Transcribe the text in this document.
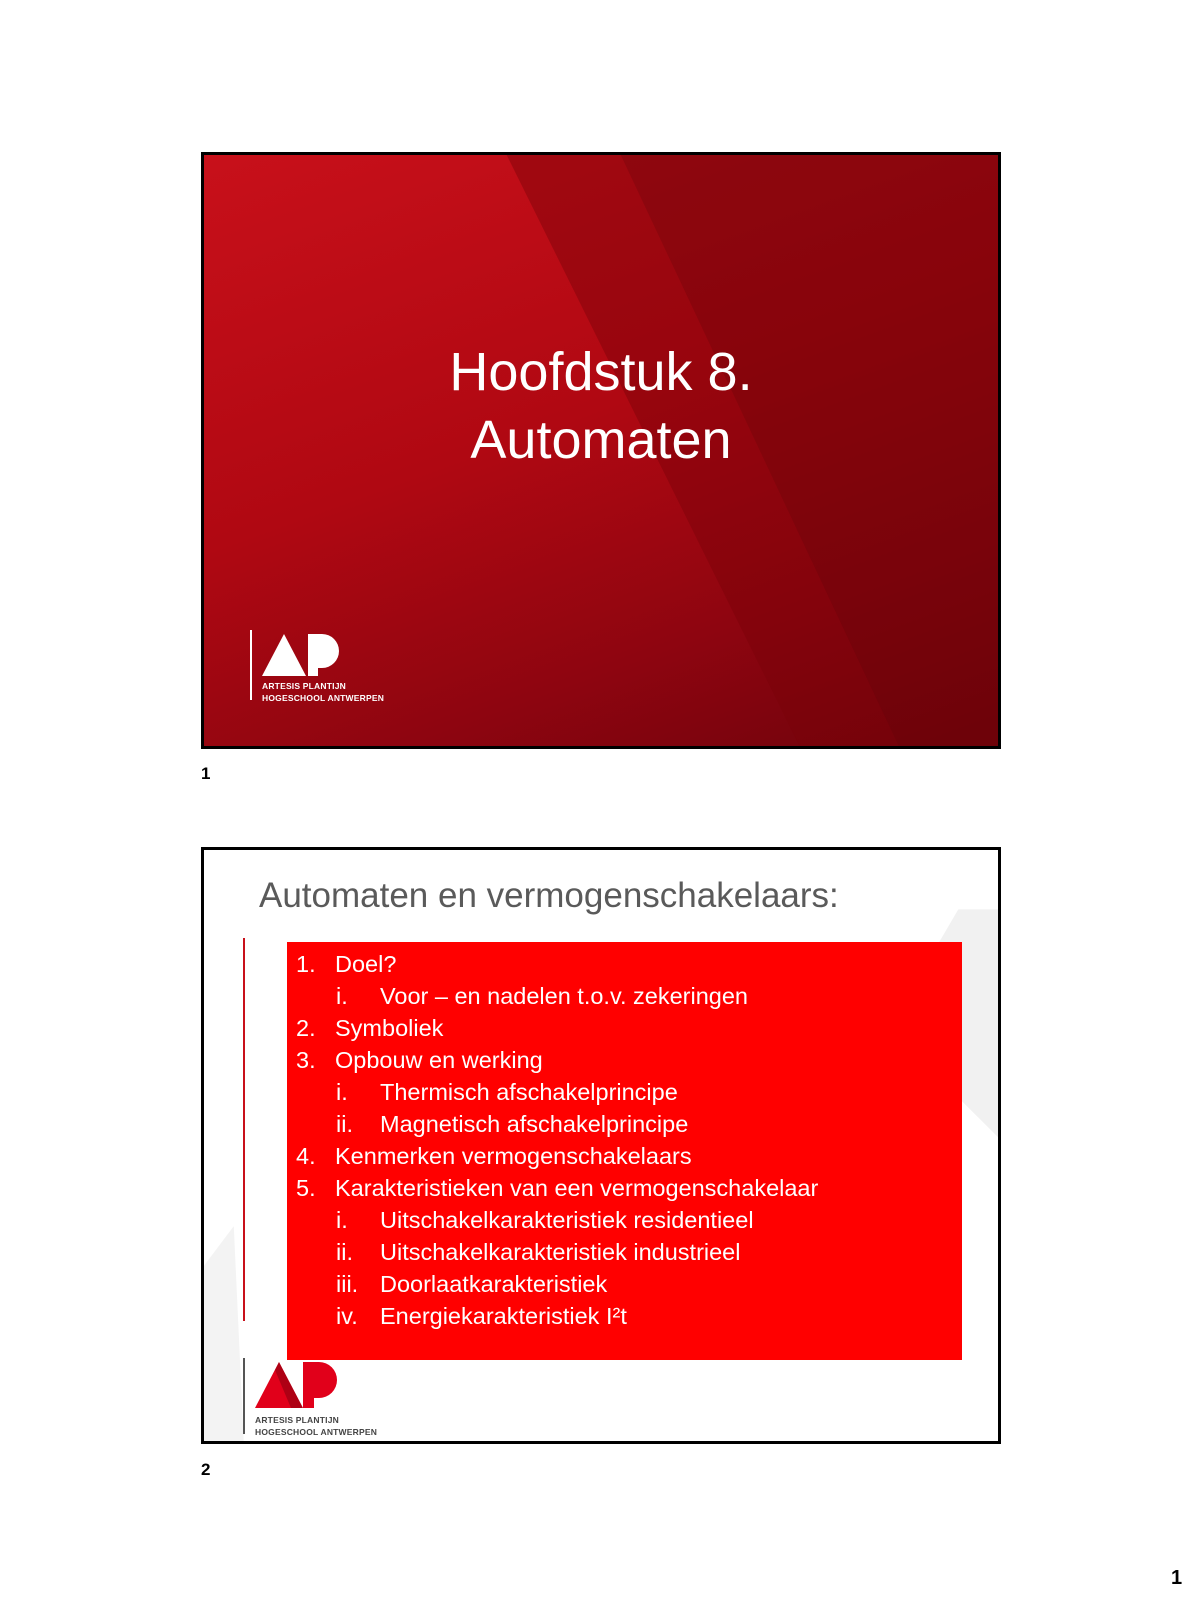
Hoofdstuk 8.
Automaten
ARTESIS PLANTIJN
HOGESCHOOL ANTWERPEN
1
Automaten en vermogenschakelaars:
1. Doel?
i. Voor – en nadelen t.o.v. zekeringen
2. Symboliek
3. Opbouw en werking
i. Thermisch afschakelprincipe
ii. Magnetisch afschakelprincipe
4. Kenmerken vermogenschakelaars
5. Karakteristieken van een vermogenschakelaar
i. Uitschakelkarakteristiek residentieel
ii. Uitschakelkarakteristiek industrieel
iii. Doorlaatkarakteristiek
iv. Energiekarakteristiek I²t
ARTESIS PLANTIJN
HOGESCHOOL ANTWERPEN
2
1
